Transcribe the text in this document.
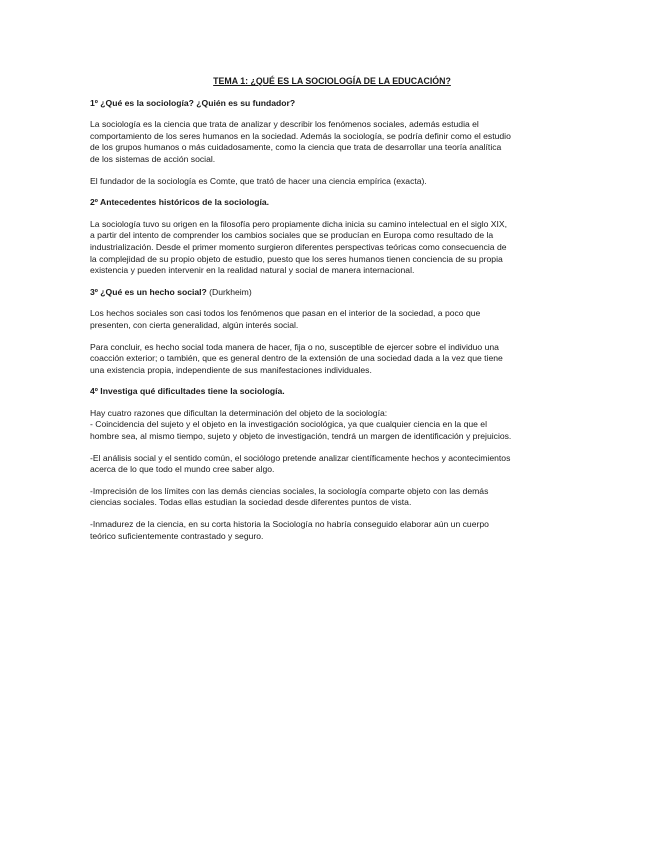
TEMA 1: ¿QUÉ ES LA SOCIOLOGÍA DE LA EDUCACIÓN?
1º ¿Qué es la sociología? ¿Quién es su fundador?
La sociología es la ciencia que trata de analizar y describir los fenómenos sociales, además estudia el
comportamiento de los seres humanos en la sociedad. Además la sociología, se podría definir como el estudio
de los grupos humanos o más cuidadosamente, como la ciencia que trata de desarrollar una teoría analítica
de los sistemas de acción social.
El fundador de la sociología es Comte, que trató de hacer una ciencia empírica (exacta).
2º Antecedentes históricos de la sociología.
La sociología tuvo su origen en la filosofía pero propiamente dicha inicia su camino intelectual en el siglo XIX,
a partir del intento de comprender los cambios sociales que se producían en Europa como resultado de la
industrialización. Desde el primer momento surgieron diferentes perspectivas teóricas como consecuencia de
la complejidad de su propio objeto de estudio, puesto que los seres humanos tienen conciencia de su propia
existencia y pueden intervenir en la realidad natural y social de manera internacional.
3º ¿Qué es un hecho social? (Durkheim)
Los hechos sociales son casi todos los fenómenos que pasan en el interior de la sociedad, a poco que
presenten, con cierta generalidad, algún interés social.
Para concluir, es hecho social toda manera de hacer, fija o no, susceptible de ejercer sobre el individuo una
coacción exterior; o también, que es general dentro de la extensión de una sociedad dada a la vez que tiene
una existencia propia, independiente de sus manifestaciones individuales.
4º Investiga qué dificultades tiene la sociología.
Hay cuatro razones que dificultan la determinación del objeto de la sociología:
- Coincidencia del sujeto y el objeto en la investigación sociológica, ya que cualquier ciencia en la que el
hombre sea, al mismo tiempo, sujeto y objeto de investigación, tendrá un margen de identificación y prejuicios.
-El análisis social y el sentido común, el sociólogo pretende analizar científicamente hechos y acontecimientos
acerca de lo que todo el mundo cree saber algo.
-Imprecisión de los límites con las demás ciencias sociales, la sociología comparte objeto con las demás
ciencias sociales. Todas ellas estudian la sociedad desde diferentes puntos de vista.
-Inmadurez de la ciencia, en su corta historia la Sociología no habría conseguido elaborar aún un cuerpo
teórico suficientemente contrastado y seguro.
